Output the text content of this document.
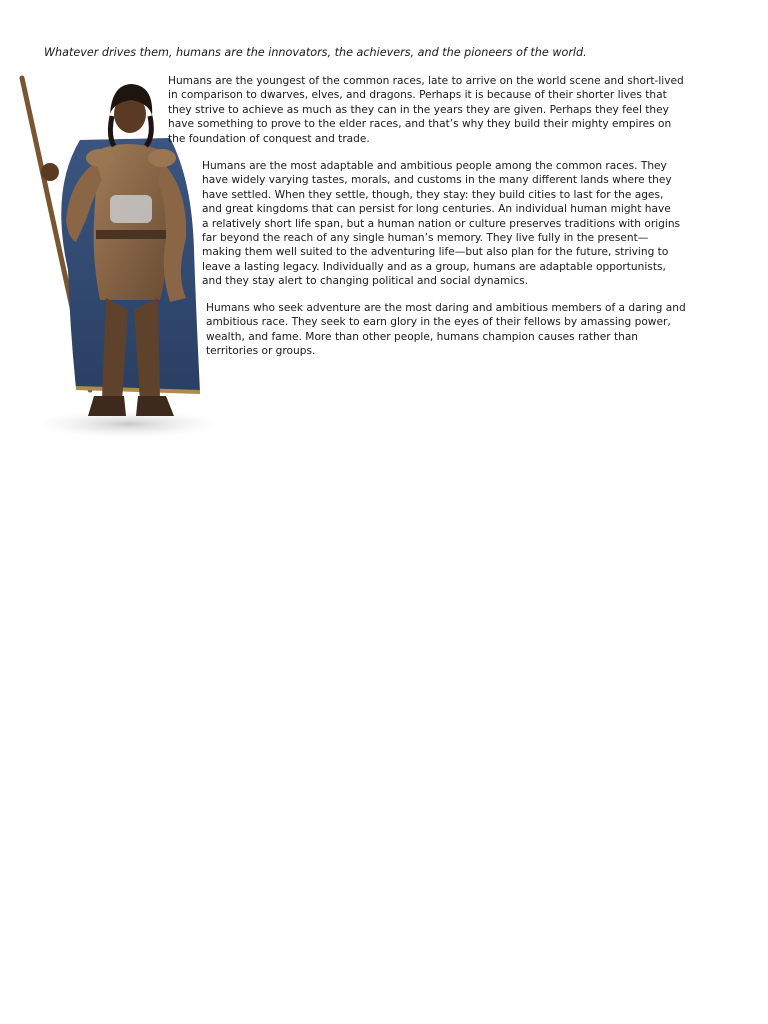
Whatever drives them, humans are the innovators, the achievers, and the pioneers of the world.

Humans are the youngest of the common races, late to arrive on the world scene and short-lived
in comparison to dwarves, elves, and dragons. Perhaps it is because of their shorter lives that
they strive to achieve as much as they can in the years they are given. Perhaps they feel they
have something to prove to the elder races, and that’s why they build their mighty empires on
the foundation of conquest and trade.

Humans are the most adaptable and ambitious people among the common races. They
have widely varying tastes, morals, and customs in the many different lands where they
have settled. When they settle, though, they stay: they build cities to last for the ages,
and great kingdoms that can persist for long centuries. An individual human might have
a relatively short life span, but a human nation or culture preserves traditions with origins
far beyond the reach of any single human’s memory. They live fully in the present—
making them well suited to the adventuring life—but also plan for the future, striving to
leave a lasting legacy. Individually and as a group, humans are adaptable opportunists,
and they stay alert to changing political and social dynamics.

Humans who seek adventure are the most daring and ambitious members of a daring and
ambitious race. They seek to earn glory in the eyes of their fellows by amassing power,
wealth, and fame. More than other people, humans champion causes rather than
territories or groups.
